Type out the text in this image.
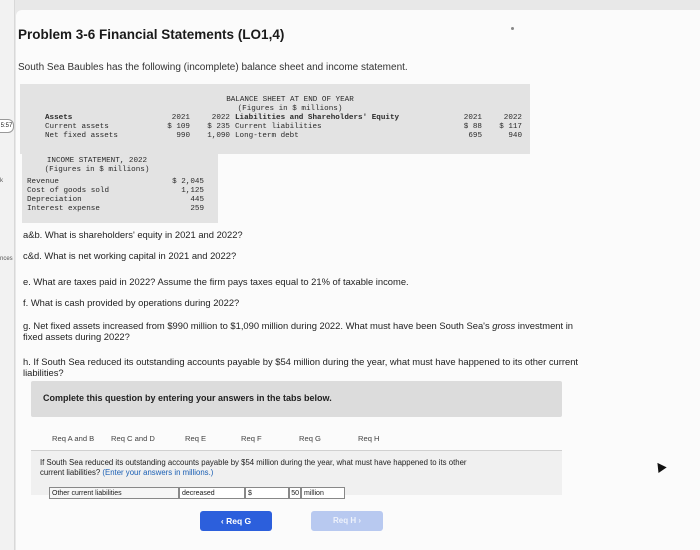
k
nces
5:57
Problem 3-6 Financial Statements (LO1,4)
South Sea Baubles has the following (incomplete) balance sheet and income statement.
BALANCE SHEET AT END OF YEAR
(Figures in $ millions)
Assets	2021	2022 Liabilities and Shareholders' Equity	2021	2022
Current assets	$ 109	$ 235 Current liabilities	$ 88	$ 117
Net fixed assets	990	1,090 Long-term debt	695	940
INCOME STATEMENT, 2022
(Figures in $ millions)
Revenue	$ 2,045
Cost of goods sold	1,125
Depreciation	445
Interest expense	259
a&b. What is shareholders' equity in 2021 and 2022?
c&d. What is net working capital in 2021 and 2022?
e. What are taxes paid in 2022? Assume the firm pays taxes equal to 21% of taxable income.
f. What is cash provided by operations during 2022?
g. Net fixed assets increased from $990 million to $1,090 million during 2022. What must have been South Sea's gross investment in
fixed assets during 2022?
h. If South Sea reduced its outstanding accounts payable by $54 million during the year, what must have happened to its other current
liabilities?
Complete this question by entering your answers in the tabs below.
Req A and B Req C and D	Req E	Req F	Req G	Req H
If South Sea reduced its outstanding accounts payable by $54 million during the year, what must have happened to its other
current liabilities? (Enter your answers in millions.)
Other current liabilities	decreased	$	50 million
‹ Req G	Req H ›
